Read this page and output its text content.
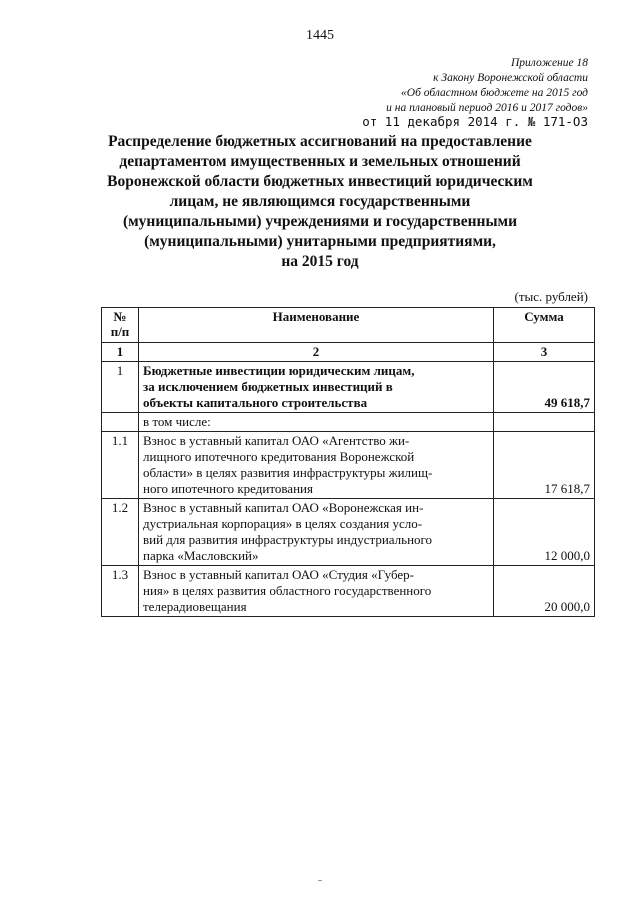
1445
Приложение 18
к Закону Воронежской области
«Об областном бюджете на 2015 год
и на плановый период 2016 и 2017 годов»
от 11 декабря 2014 г. № 171-ОЗ
Распределение бюджетных ассигнований на предоставление
департаментом имущественных и земельных отношений
Воронежской области бюджетных инвестиций юридическим
лицам, не являющимся государственными
(муниципальными) учреждениями и государственными
(муниципальными) унитарными предприятиями,
на 2015 год
(тыс. рублей)
№
п/п	Наименование	Сумма
1	2	3
1	Бюджетные инвестиции юридическим лицам,
за исключением бюджетных инвестиций в
объекты капитального строительства	49 618,7

	в том числе:	

1.1	Взнос в уставный капитал ОАО «Агентство жи-
лищного ипотечного кредитования Воронежской
области» в целях развития инфраструктуры жилищ-
ного ипотечного кредитования	17 618,7
1.2	Взнос в уставный капитал ОАО «Воронежская ин-
дустриальная корпорация» в целях создания усло-
вий для развития инфраструктуры индустриального
парка «Масловский»	12 000,0
1.3	Взнос в уставный капитал ОАО «Студия «Губер-
ния» в целях развития областного государственного
телерадиовещания	20 000,0
